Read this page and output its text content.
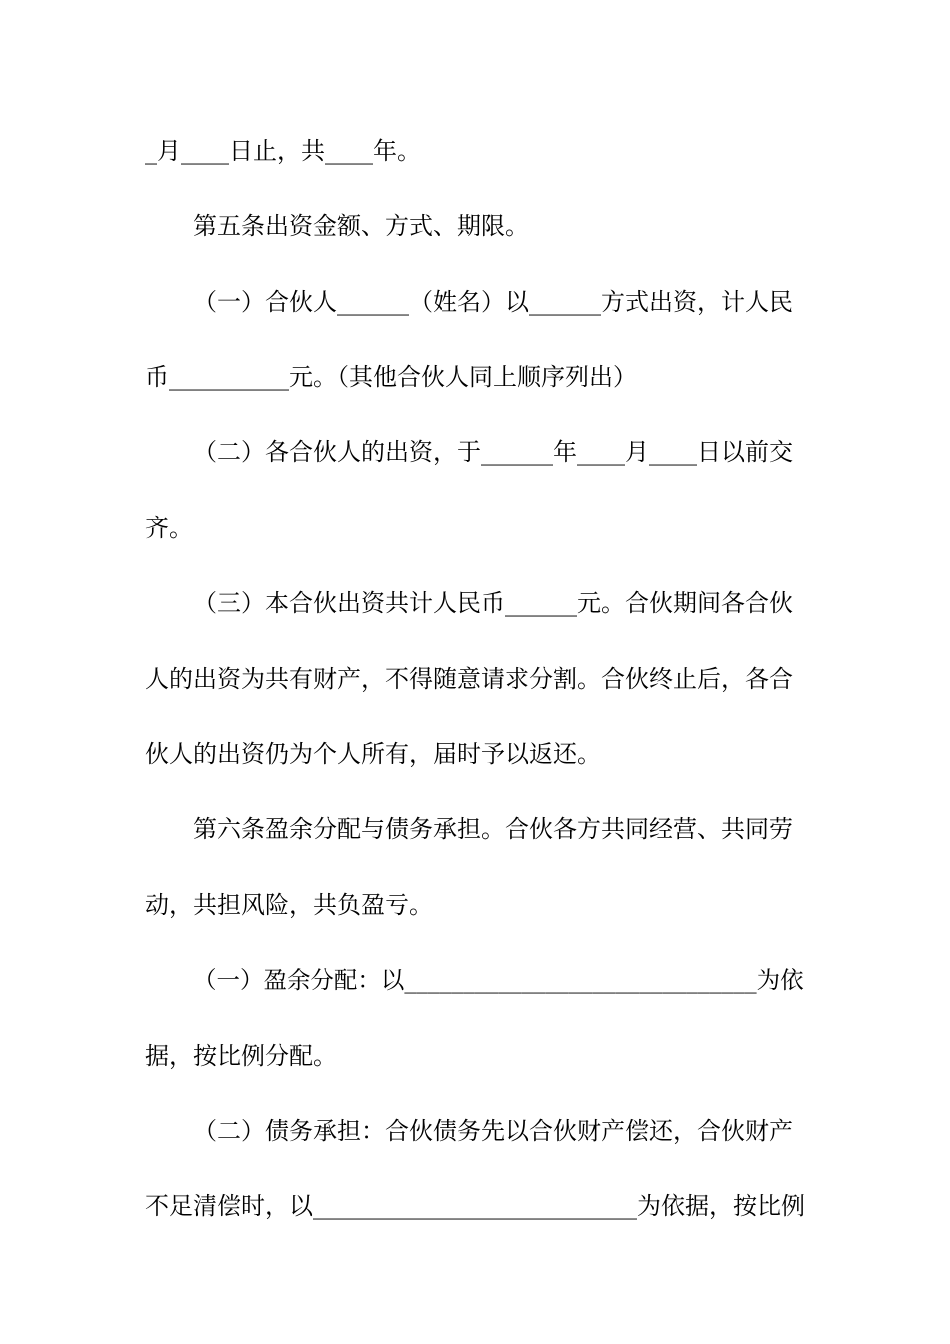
_月____日止，共____年。
第五条出资金额、方式、期限。
（一）合伙人______（姓名）以______方式出资，计人民
币__________元。（其他合伙人同上顺序列出）
（二）各合伙人的出资，于______年____月____日以前交
齐。
（三）本合伙出资共计人民币______元。合伙期间各合伙
人的出资为共有财产，不得随意请求分割。合伙终止后，各合
伙人的出资仍为个人所有，届时予以返还。
第六条盈余分配与债务承担。合伙各方共同经营、共同劳
动，共担风险，共负盈亏。
（一）盈余分配：以______________________________为依
据，按比例分配。
（二）债务承担：合伙债务先以合伙财产偿还，合伙财产
不足清偿时，以___________________________为依据，按比例
